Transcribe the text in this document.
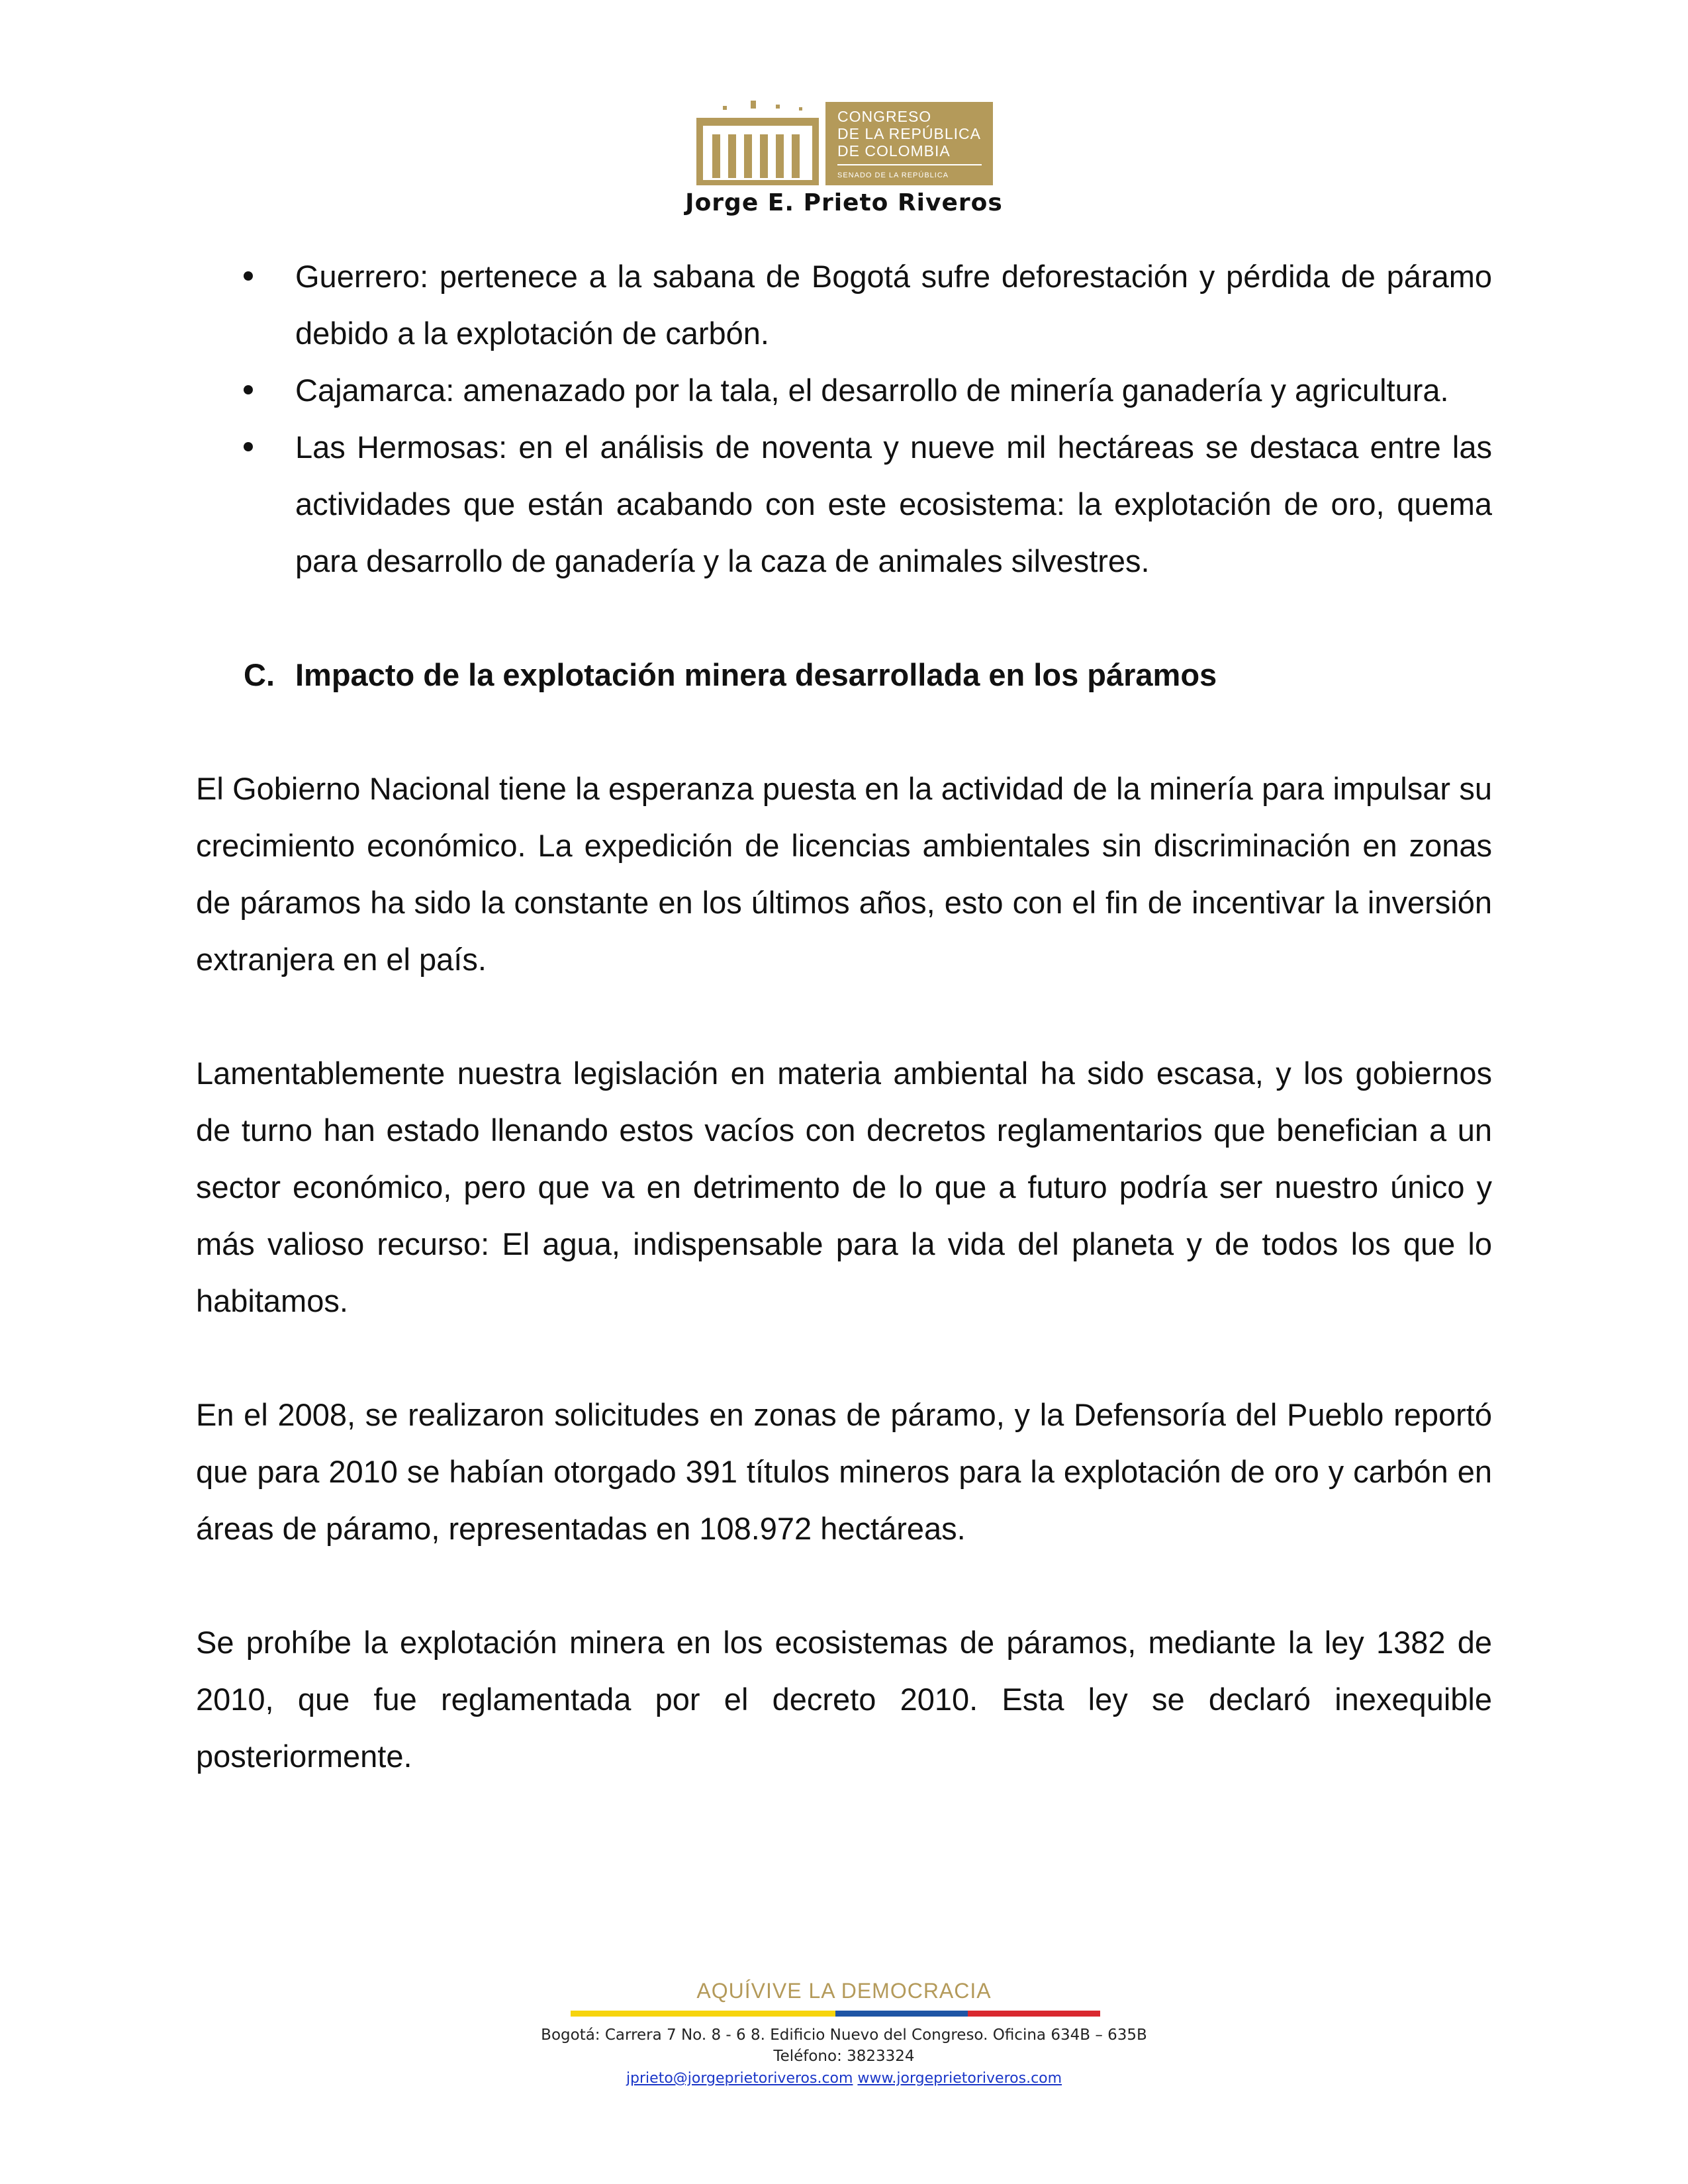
CONGRESO
DE LA REPÚBLICA
DE COLOMBIA
SENADO DE LA REPÚBLICA
Jorge E. Prieto Riveros
Guerrero: pertenece a la sabana de Bogotá sufre deforestación y pérdida de páramo debido a la explotación de carbón.
Cajamarca: amenazado por la tala, el desarrollo de minería ganadería y agricultura.
Las Hermosas: en el análisis de noventa y nueve mil hectáreas se destaca entre las actividades que están acabando con este ecosistema: la explotación de oro, quema para desarrollo de ganadería y la caza de animales silvestres.
C. Impacto de la explotación minera desarrollada en los páramos

El Gobierno Nacional tiene la esperanza puesta en la actividad de la minería para impulsar su crecimiento económico. La expedición de licencias ambientales sin discriminación en zonas de páramos ha sido la constante en los últimos años, esto con el fin de incentivar la inversión extranjera en el país.

Lamentablemente nuestra legislación en materia ambiental ha sido escasa, y los gobiernos de turno han estado llenando estos vacíos con decretos reglamentarios que benefician a un sector económico, pero que va en detrimento de lo que a futuro podría ser nuestro único y más valioso recurso: El agua, indispensable para la vida del planeta y de todos los que lo habitamos.

En el 2008, se realizaron solicitudes en zonas de páramo, y la Defensoría del Pueblo reportó que para 2010 se habían otorgado 391 títulos mineros para la explotación de oro y carbón en áreas de páramo, representadas en 108.972 hectáreas.

Se prohíbe la explotación minera en los ecosistemas de páramos, mediante la ley 1382 de 2010, que fue reglamentada por el decreto 2010. Esta ley se declaró inexequible posteriormente.

AQUÍVIVE LA DEMOCRACIA
Bogotá: Carrera 7 No. 8 - 6 8. Edificio Nuevo del Congreso. Oficina 634B – 635B
Teléfono: 3823324
jprieto@jorgeprietoriveros.com www.jorgeprietoriveros.com
